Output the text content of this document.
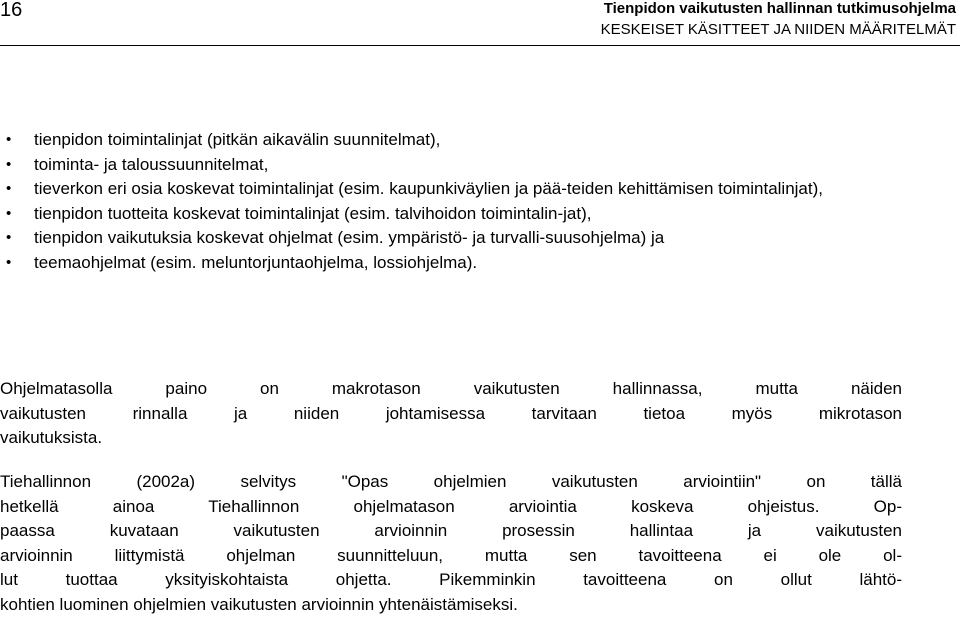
16	Tienpidon vaikutusten hallinnan tutkimusohjelma
KESKEISET KÄSITTEET JA NIIDEN MÄÄRITELMÄT
• tienpidon toimintalinjat (pitkän aikavälin suunnitelmat),
• toiminta- ja taloussuunnitelmat,
• tieverkon eri osia koskevat toimintalinjat (esim. kaupunkiväylien ja pää-teiden kehittämisen toimintalinjat),
• tienpidon tuotteita koskevat toimintalinjat (esim. talvihoidon toimintalin-jat),
• tienpidon vaikutuksia koskevat ohjelmat (esim. ympäristö- ja turvalli-suusohjelma) ja
• teemaohjelmat (esim. meluntorjuntaohjelma, lossiohjelma).

Ohjelmatasolla paino on makrotason vaikutusten hallinnassa, mutta näiden
vaikutusten rinnalla ja niiden johtamisessa tarvitaan tietoa myös mikrotason
vaikutuksista.

Tiehallinnon (2002a) selvitys "Opas ohjelmien vaikutusten arviointiin" on tällä
hetkellä ainoa Tiehallinnon ohjelmatason arviointia koskeva ohjeistus. Op-
paassa kuvataan vaikutusten arvioinnin prosessin hallintaa ja vaikutusten
arvioinnin liittymistä ohjelman suunnitteluun, mutta sen tavoitteena ei ole ol-
lut tuottaa yksityiskohtaista ohjetta. Pikemminkin tavoitteena on ollut lähtö-
kohtien luominen ohjelmien vaikutusten arvioinnin yhtenäistämiseksi.
